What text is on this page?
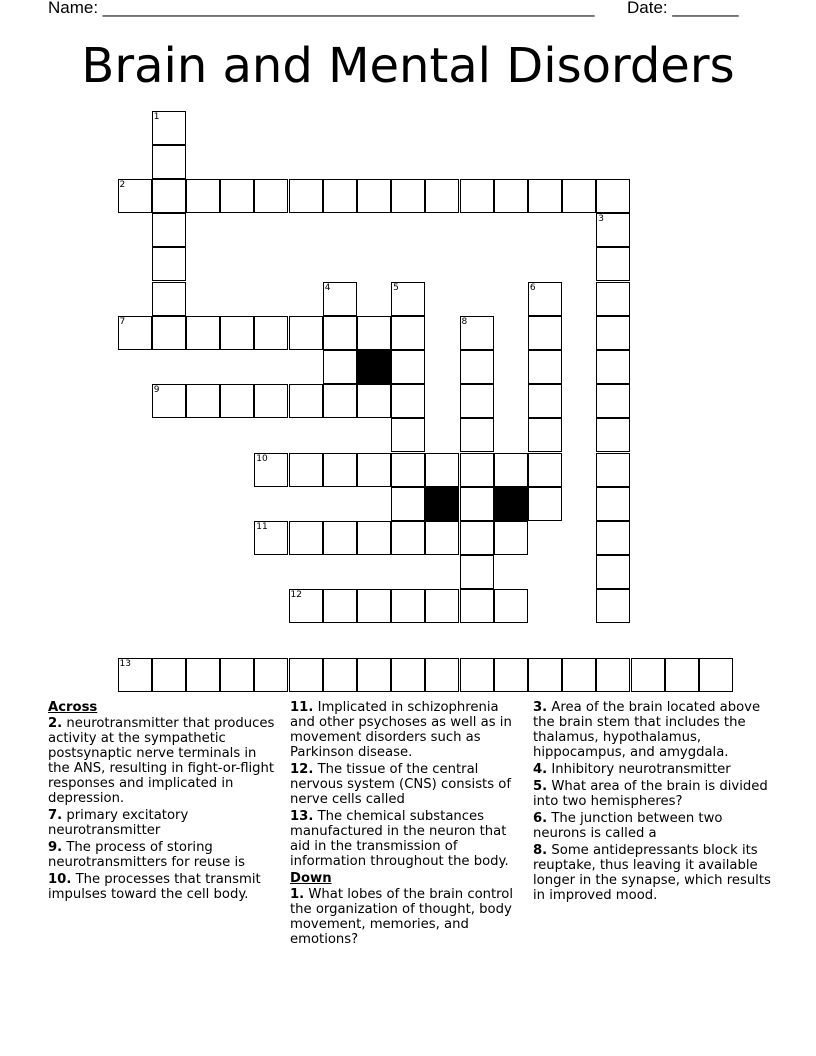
Name: ____________________________________________________ Date: _______
Brain and Mental Disorders
1
2
3
4	5	6
7	8
9
10
11
12
13
Across
2. neurotransmitter that produces activity at the sympathetic postsynaptic nerve terminals in the ANS, resulting in fight-or-flight responses and implicated in depression.
7. primary excitatory neurotransmitter
9. The process of storing neurotransmitters for reuse is
10. The processes that transmit impulses toward the cell body.
11. Implicated in schizophrenia and other psychoses as well as in movement disorders such as Parkinson disease.
12. The tissue of the central nervous system (CNS) consists of nerve cells called
13. The chemical substances manufactured in the neuron that aid in the transmission of information throughout the body.
Down
1. What lobes of the brain control the organization of thought, body movement, memories, and emotions?
3. Area of the brain located above the brain stem that includes the thalamus, hypothalamus, hippocampus, and amygdala.
4. Inhibitory neurotransmitter
5. What area of the brain is divided into two hemispheres?
6. The junction between two neurons is called a
8. Some antidepressants block its reuptake, thus leaving it available longer in the synapse, which results in improved mood.
